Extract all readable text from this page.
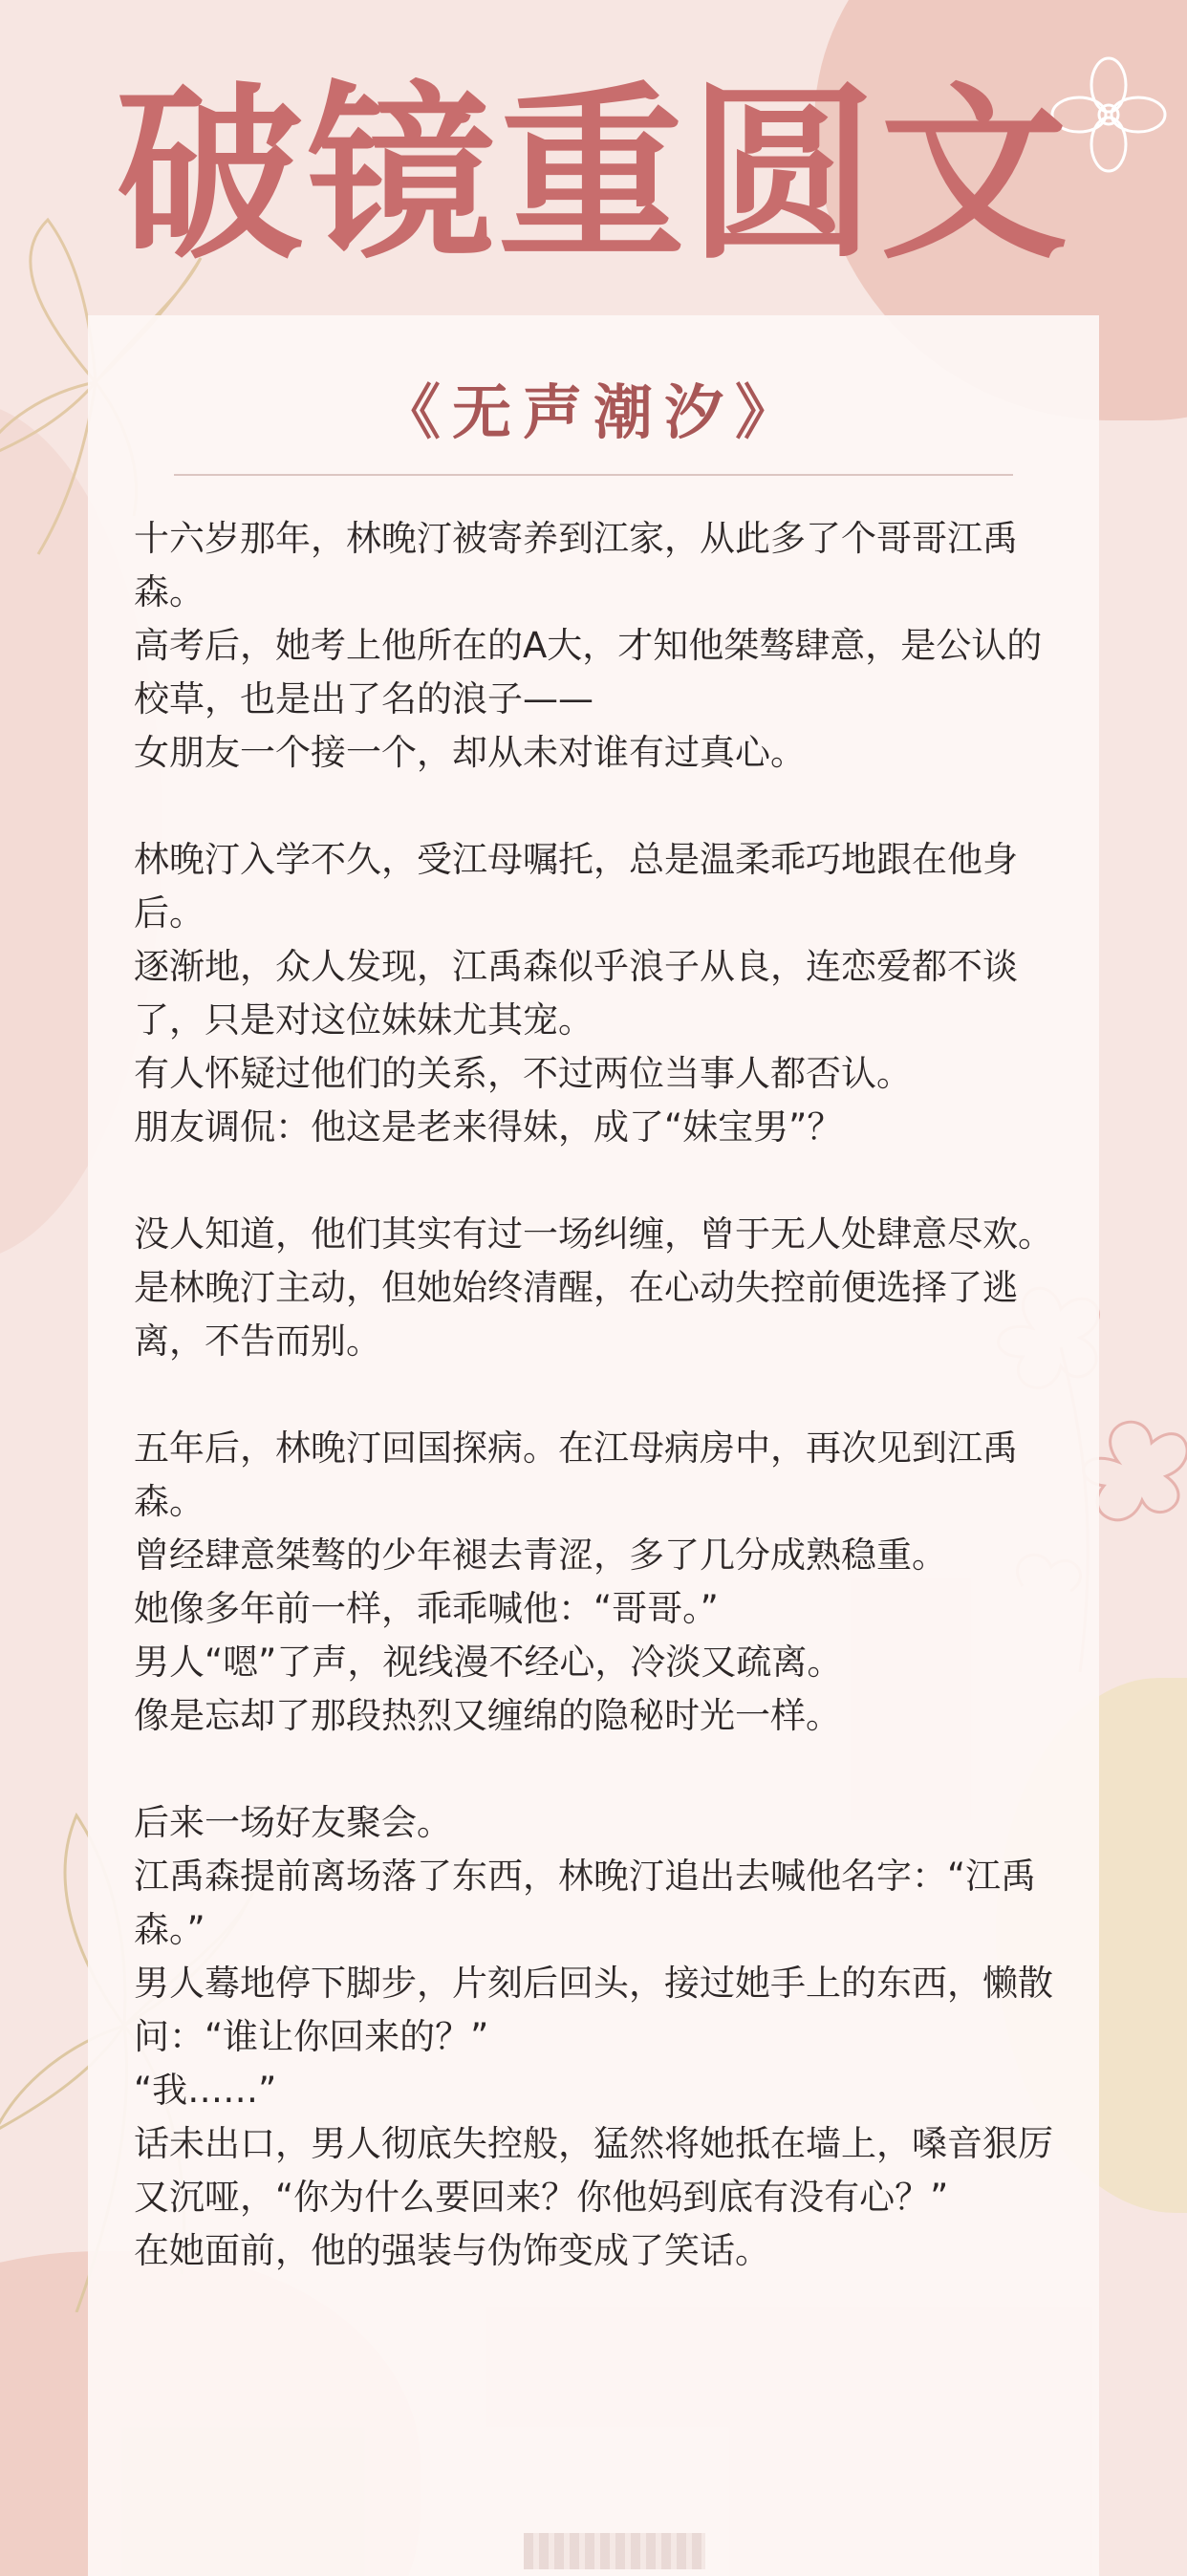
破镜重圆文
《无声潮汐》

十六岁那年，林晚汀被寄养到江家，从此多了个哥哥江禹森。

高考后，她考上他所在的A大，才知他桀骜肆意，是公认的校草，也是出了名的浪子——

女朋友一个接一个，却从未对谁有过真心。

林晚汀入学不久，受江母嘱托，总是温柔乖巧地跟在他身后。

逐渐地，众人发现，江禹森似乎浪子从良，连恋爱都不谈了，只是对这位妹妹尤其宠。

有人怀疑过他们的关系，不过两位当事人都否认。

朋友调侃：他这是老来得妹，成了“妹宝男”？

没人知道，他们其实有过一场纠缠，曾于无人处肆意尽欢。

是林晚汀主动，但她始终清醒，在心动失控前便选择了逃离，不告而别。

五年后，林晚汀回国探病。在江母病房中，再次见到江禹森。

曾经肆意桀骜的少年褪去青涩，多了几分成熟稳重。

她像多年前一样，乖乖喊他：“哥哥。”

男人“嗯”了声，视线漫不经心，冷淡又疏离。

像是忘却了那段热烈又缠绵的隐秘时光一样。

后来一场好友聚会。

江禹森提前离场落了东西，林晚汀追出去喊他名字：“江禹森。”

男人蓦地停下脚步，片刻后回头，接过她手上的东西，懒散问：“谁让你回来的？”

“我……”

话未出口，男人彻底失控般，猛然将她抵在墙上，嗓音狠厉又沉哑，“你为什么要回来？你他妈到底有没有心？”

在她面前，他的强装与伪饰变成了笑话。
